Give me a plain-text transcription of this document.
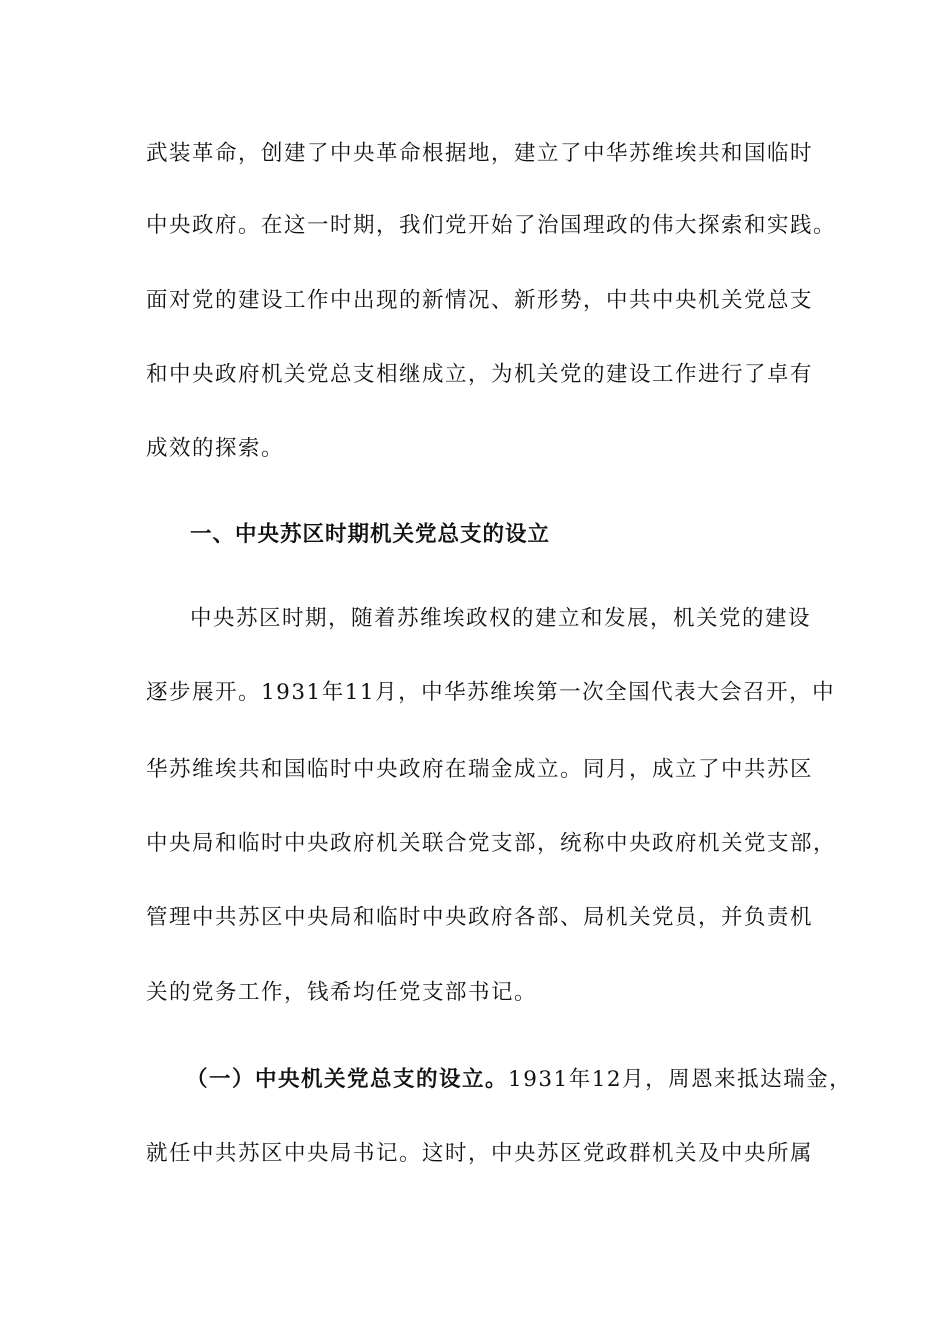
武装革命，创建了中央革命根据地，建立了中华苏维埃共和国临时
中央政府。在这一时期，我们党开始了治国理政的伟大探索和实践。
面对党的建设工作中出现的新情况、新形势，中共中央机关党总支
和中央政府机关党总支相继成立，为机关党的建设工作进行了卓有
成效的探索。
一、中央苏区时期机关党总支的设立
中央苏区时期，随着苏维埃政权的建立和发展，机关党的建设
逐步展开。1931年11月，中华苏维埃第一次全国代表大会召开，中
华苏维埃共和国临时中央政府在瑞金成立。同月，成立了中共苏区
中央局和临时中央政府机关联合党支部，统称中央政府机关党支部，
管理中共苏区中央局和临时中央政府各部、局机关党员，并负责机
关的党务工作，钱希均任党支部书记。
（一）中央机关党总支的设立。1931年12月，周恩来抵达瑞金，
就任中共苏区中央局书记。这时，中央苏区党政群机关及中央所属
